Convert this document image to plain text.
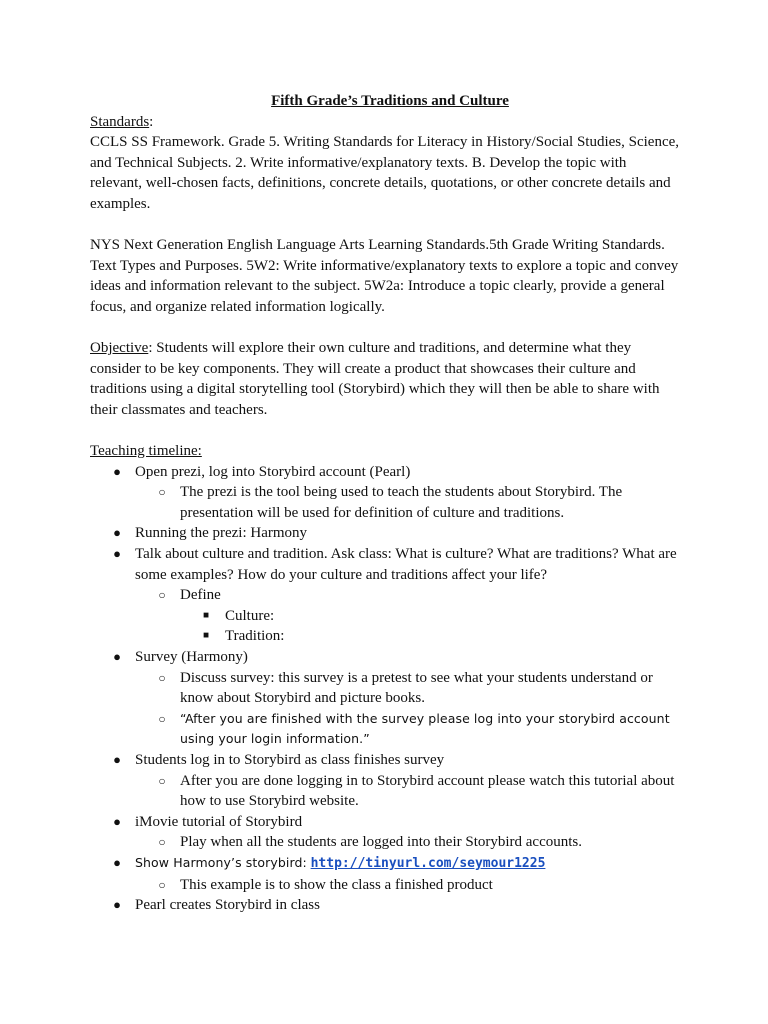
Fifth Grade’s Traditions and Culture

Standards:

CCLS SS Framework. Grade 5. Writing Standards for Literacy in History/Social Studies, Science, and Technical Subjects. 2. Write informative/explanatory texts. B. Develop the topic with relevant, well-chosen facts, definitions, concrete details, quotations, or other concrete details and examples.

NYS Next Generation English Language Arts Learning Standards.5th Grade Writing Standards. Text Types and Purposes. 5W2: Write informative/explanatory texts to explore a topic and convey ideas and information relevant to the subject. 5W2a: Introduce a topic clearly, provide a general focus, and organize related information logically.

Objective: Students will explore their own culture and traditions, and determine what they consider to be key components. They will create a product that showcases their culture and traditions using a digital storytelling tool (Storybird) which they will then be able to share with their classmates and teachers.

Teaching timeline:

● Open prezi, log into Storybird account (Pearl)
○ The prezi is the tool being used to teach the students about Storybird. The presentation will be used for definition of culture and traditions.
● Running the prezi: Harmony
● Talk about culture and tradition. Ask class: What is culture? What are traditions? What are some examples? How do your culture and traditions affect your life?
○ Define
■	Culture:
■	Tradition:
● Survey (Harmony)
○ Discuss survey: this survey is a pretest to see what your students understand or know about Storybird and picture books.
○	“After you are finished with the survey please log into your storybird account using your login information.”
● Students log in to Storybird as class finishes survey
○ After you are done logging in to Storybird account please watch this tutorial about how to use Storybird website.
● iMovie tutorial of Storybird
○ Play when all the students are logged into their Storybird accounts.
●	Show Harmony’s storybird: http://tinyurl.com/seymour1225
○ This example is to show the class a finished product
● Pearl creates Storybird in class
